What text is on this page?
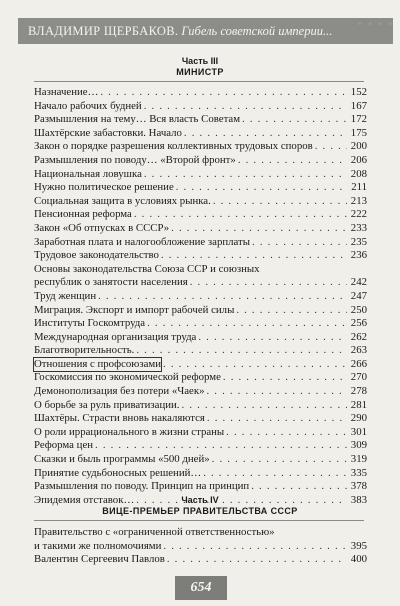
ВЛАДИМИР ЩЕРБАКОВ. Гибель советской империи...	• • • •
Часть III
МИНИСТР
Назначение… . . .	152
Начало рабочих будней . . .	167
Размышления на тему… Вся власть Советам . . .	172
Шахтёрские забастовки. Начало . . .	175
Закон о порядке разрешения коллективных трудовых споров . . .	200
Размышления по поводу… «Второй фронт» . . .	206
Национальная ловушка . . .	208
Нужно политическое решение . . .	211
Социальная защита в условиях рынка. . . .	213
Пенсионная реформа . . .	222
Закон «Об отпусках в СССР» . . .	233
Заработная плата и налогообложение зарплаты . . .	235
Трудовое законодательство . . .	236
Основы законодательства Союза ССР и союзных
республик о занятости населения . . .	242
Труд женщин . . .	247
Миграция. Экспорт и импорт рабочей силы . . .	250
Институты Госкомтруда . . .	256
Международная организация труда . . .	262
Благотворительность. . . .	263
Отношения с профсоюзами . . .	266
Госкомиссия по экономической реформе . . .	270
Демонополизация без потери «Чаек» . . .	278
О борьбе за руль приватизации. . . .	281
Шахтёры. Страсти вновь накаляются . . .	290
О роли иррационального в жизни страны . . .	301
Реформа цен . . .	309
Сказки и быль программы «500 дней» . . .	319
Принятие судьбоносных решений… . . .	335
Размышления по поводу. Принцип на принцип . . .	378
Эпидемия отставок… . . .	383
Часть IV
ВИЦЕ-ПРЕМЬЕР ПРАВИТЕЛЬСТВА СССР
Правительство с «ограниченной ответственностью»
и такими же полномочиями . . .	395
Валентин Сергеевич Павлов . . .	400
654
